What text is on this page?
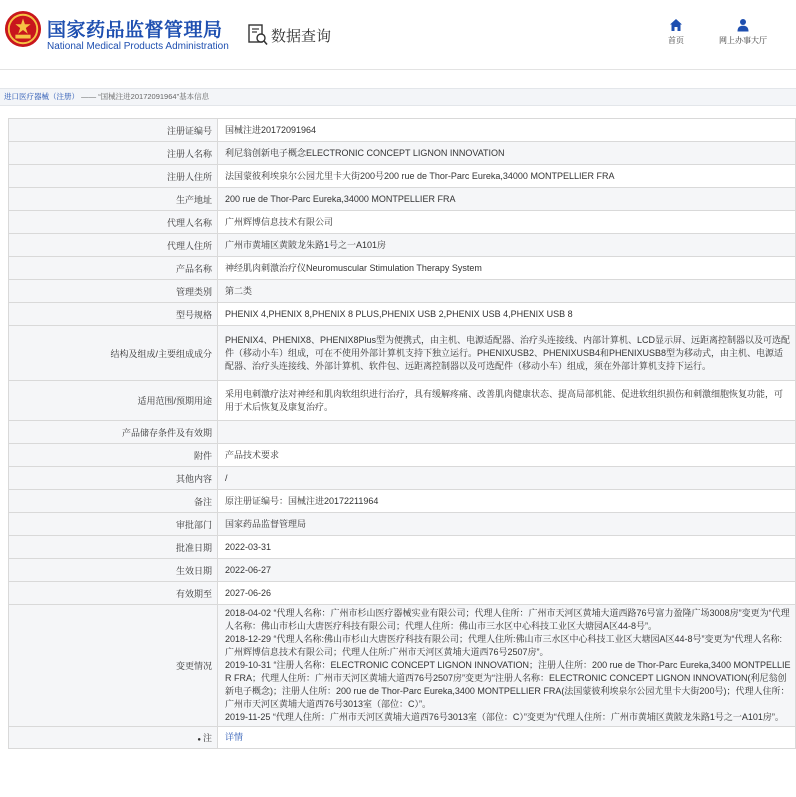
国家药品监督管理局
National Medical Products Administration
数据查询	首页	网上办事大厅
进口医疗器械（注册） —— “国械注进20172091964”基本信息
注册证编号	国械注进20172091964
注册人名称	利尼翁创新电子概念ELECTRONIC CONCEPT LIGNON INNOVATION
注册人住所	法国蒙彼利埃泉尔公园尤里卡大街200号200 rue de Thor-Parc Eureka,34000 MONTPELLIER FRA
生产地址	200 rue de Thor-Parc Eureka,34000 MONTPELLIER FRA
代理人名称	广州辉博信息技术有限公司
代理人住所	广州市黄埔区黄陂龙朱路1号之一A101房
产品名称	神经肌肉刺激治疗仪Neuromuscular Stimulation Therapy System
管理类别	第二类
型号规格	PHENIX 4,PHENIX 8,PHENIX 8 PLUS,PHENIX USB 2,PHENIX USB 4,PHENIX USB 8
结构及组成/主要组成成分	PHENIX4、PHENIX8、PHENIX8Plus型为便携式，由主机、电源适配器、治疗头连接线、内部计算机、LCD显示屏、远距离控制器以及可选配件（移动小车）组成，可在不使用外部计算机支持下独立运行。PHENIXUSB2、PHENIXUSB4和PHENIXUSB8型为移动式，由主机、电源适配器、治疗头连接线、外部计算机、软件包、远距离控制器以及可选配件（移动小车）组成，须在外部计算机支持下运行。
适用范围/预期用途	采用电刺激疗法对神经和肌肉软组织进行治疗，具有缓解疼痛、改善肌肉健康状态、提高局部机能、促进软组织损伤和刺激细胞恢复功能，可用于术后恢复及康复治疗。
产品储存条件及有效期	
附件	产品技术要求
其他内容	/
备注	原注册证编号：国械注进20172211964
审批部门	国家药品监督管理局
批准日期	2022-03-31
生效日期	2022-06-27
有效期至	2027-06-26
变更情况	2018-04-02 “代理人名称：广州市杉山医疗器械实业有限公司；代理人住所：广州市天河区黄埔大道西路76号富力盈隆广场3008房”变更为“代理人名称：佛山市杉山大唐医疗科技有限公司；代理人住所：佛山市三水区中心科技工业区大塘园A区44-8号”。

2018-12-29 “代理人名称:佛山市杉山大唐医疗科技有限公司；代理人住所:佛山市三水区中心科技工业区大塘园A区44-8号”变更为“代理人名称:广州辉博信息技术有限公司；代理人住所:广州市天河区黄埔大道西76号2507房”。

2019-10-31 “注册人名称：ELECTRONIC CONCEPT LIGNON INNOVATION；注册人住所：200 rue de Thor-Parc Eureka,3400 MONTPELLIER FRA；代理人住所：广州市天河区黄埔大道西76号2507房”变更为“注册人名称：ELECTRONIC CONCEPT LIGNON INNOVATION(利尼翁创新电子概念)；注册人住所：200 rue de Thor-Parc Eureka,3400 MONTPELLIER FRA(法国蒙彼利埃泉尔公园尤里卡大街200号)；代理人住所：广州市天河区黄埔大道西76号3013室（部位：C）”。

2019-11-25 “代理人住所：广州市天河区黄埔大道西76号3013室（部位：C）”变更为“代理人住所：广州市黄埔区黄陂龙朱路1号之一A101房”。

● 注	详情
